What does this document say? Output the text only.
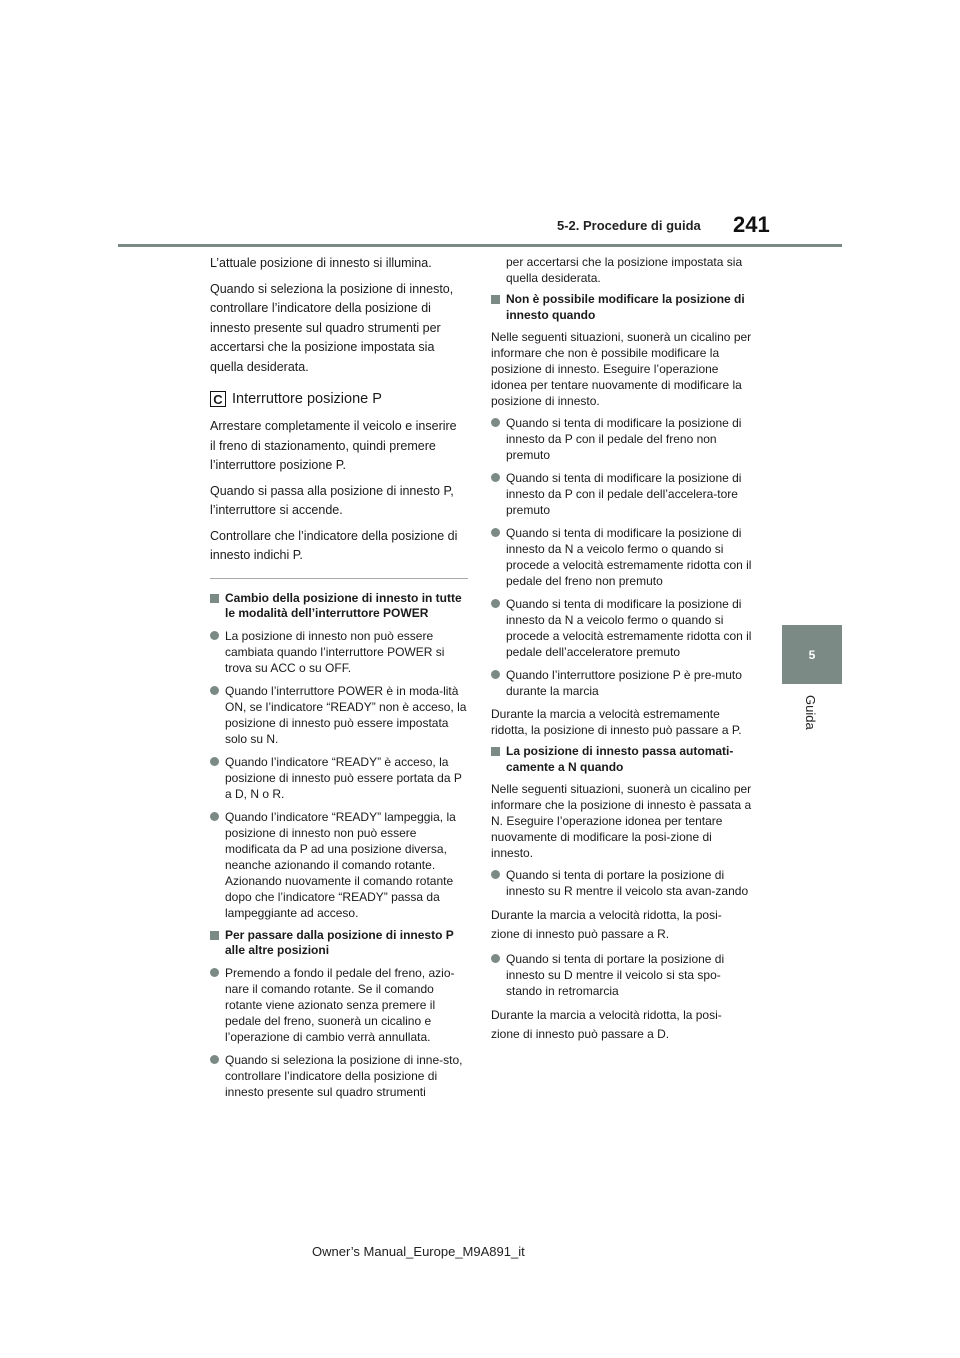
5-2. Procedure di guida 241
5
Guida
L’attuale posizione di innesto si illumina.
Quando si seleziona la posizione di innesto,
controllare l’indicatore della posizione di
innesto presente sul quadro strumenti per
accertarsi che la posizione impostata sia
quella desiderata.
C Interruttore posizione P
Arrestare completamente il veicolo e inserire
il freno di stazionamento, quindi premere
l’interruttore posizione P.
Quando si passa alla posizione di innesto P,
l’interruttore si accende.
Controllare che l’indicatore della posizione di
innesto indichi P.
Cambio della posizione di innesto in tutte le modalità dell’interruttore POWER
La posizione di innesto non può essere cambiata quando l’interruttore POWER si trova su ACC o su OFF.
Quando l’interruttore POWER è in moda-lità ON, se l’indicatore “READY” non è acceso, la posizione di innesto può essere impostata solo su N.
Quando l’indicatore “READY” è acceso, la posizione di innesto può essere portata da P a D, N o R.
Quando l’indicatore “READY” lampeggia, la posizione di innesto non può essere modificata da P ad una posizione diversa, neanche azionando il comando rotante. Azionando nuovamente il comando rotante dopo che l’indicatore “READY” passa da lampeggiante ad acceso.
Per passare dalla posizione di innesto P alle altre posizioni
Premendo a fondo il pedale del freno, azio-nare il comando rotante. Se il comando rotante viene azionato senza premere il pedale del freno, suonerà un cicalino e l’operazione di cambio verrà annullata.
Quando si seleziona la posizione di inne-sto, controllare l’indicatore della posizione di innesto presente sul quadro strumenti
per accertarsi che la posizione impostata sia quella desiderata.
Non è possibile modificare la posizione di innesto quando
Nelle seguenti situazioni, suonerà un cicalino per informare che non è possibile modificare la posizione di innesto. Eseguire l’operazione idonea per tentare nuovamente di modificare la posizione di innesto.
Quando si tenta di modificare la posizione di innesto da P con il pedale del freno non premuto
Quando si tenta di modificare la posizione di innesto da P con il pedale dell’accelera-tore premuto
Quando si tenta di modificare la posizione di innesto da N a veicolo fermo o quando si procede a velocità estremamente ridotta con il pedale del freno non premuto
Quando si tenta di modificare la posizione di innesto da N a veicolo fermo o quando si procede a velocità estremamente ridotta con il pedale dell’acceleratore premuto
Quando l’interruttore posizione P è pre-muto durante la marcia
Durante la marcia a velocità estremamente ridotta, la posizione di innesto può passare a P.
La posizione di innesto passa automati-camente a N quando
Nelle seguenti situazioni, suonerà un cicalino per informare che la posizione di innesto è passata a N. Eseguire l’operazione idonea per tentare nuovamente di modificare la posi-zione di innesto.
Quando si tenta di portare la posizione di innesto su R mentre il veicolo sta avan-zando
Durante la marcia a velocità ridotta, la posi-
zione di innesto può passare a R.
Quando si tenta di portare la posizione di innesto su D mentre il veicolo si sta spo-stando in retromarcia
Durante la marcia a velocità ridotta, la posi-
zione di innesto può passare a D.
Owner’s Manual_Europe_M9A891_it
